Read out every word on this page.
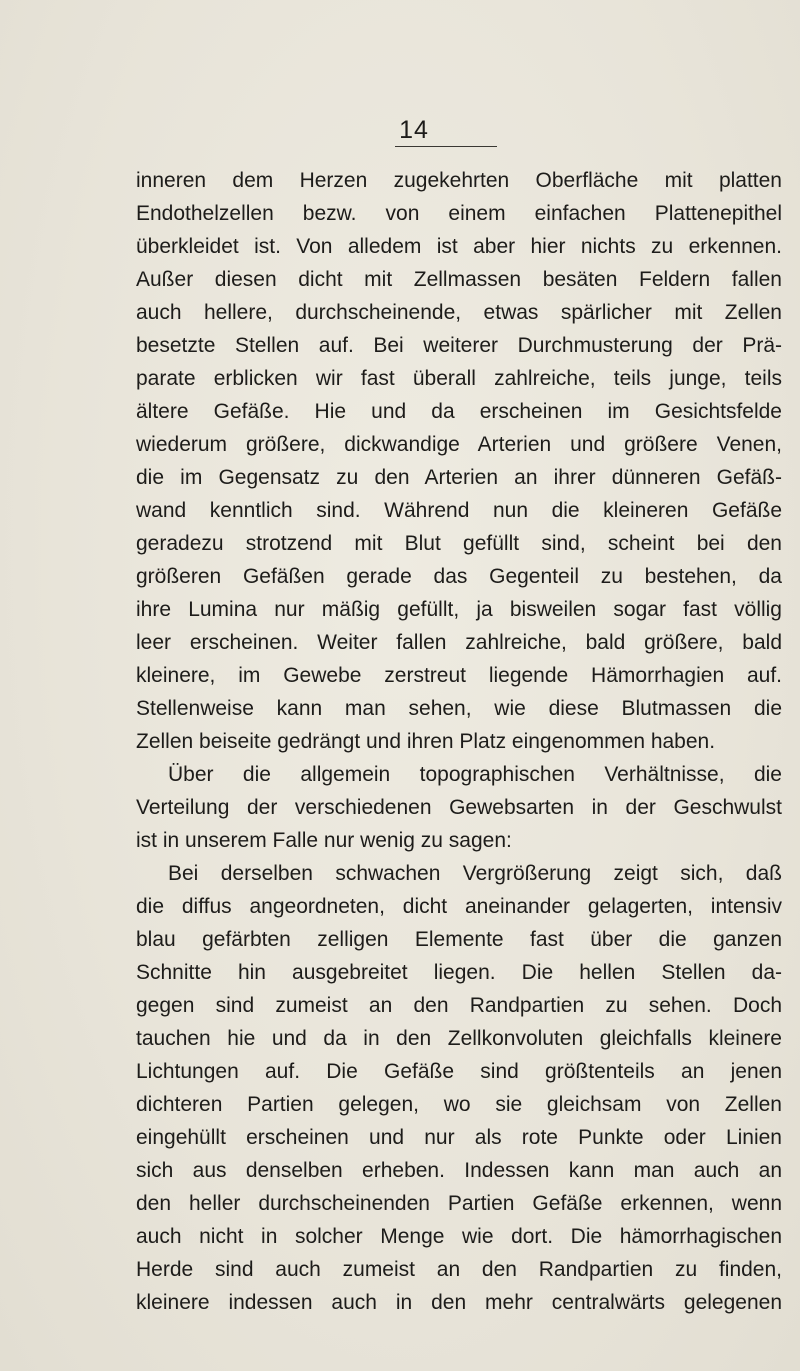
14
inneren dem Herzen zugekehrten Oberfläche mit platten
Endothelzellen bezw. von einem einfachen Plattenepithel
überkleidet ist. Von alledem ist aber hier nichts zu erkennen.
Außer diesen dicht mit Zellmassen besäten Feldern fallen
auch hellere, durchscheinende, etwas spärlicher mit Zellen
besetzte Stellen auf. Bei weiterer Durchmusterung der Prä-
parate erblicken wir fast überall zahlreiche, teils junge, teils
ältere Gefäße. Hie und da erscheinen im Gesichtsfelde
wiederum größere, dickwandige Arterien und größere Venen,
die im Gegensatz zu den Arterien an ihrer dünneren Gefäß-
wand kenntlich sind. Während nun die kleineren Gefäße
geradezu strotzend mit Blut gefüllt sind, scheint bei den
größeren Gefäßen gerade das Gegenteil zu bestehen, da
ihre Lumina nur mäßig gefüllt, ja bisweilen sogar fast völlig
leer erscheinen. Weiter fallen zahlreiche, bald größere, bald
kleinere, im Gewebe zerstreut liegende Hämorrhagien auf.
Stellenweise kann man sehen, wie diese Blutmassen die
Zellen beiseite gedrängt und ihren Platz eingenommen haben.
Über die allgemein topographischen Verhältnisse, die
Verteilung der verschiedenen Gewebsarten in der Geschwulst
ist in unserem Falle nur wenig zu sagen:
Bei derselben schwachen Vergrößerung zeigt sich, daß
die diffus angeordneten, dicht aneinander gelagerten, intensiv
blau gefärbten zelligen Elemente fast über die ganzen
Schnitte hin ausgebreitet liegen. Die hellen Stellen da-
gegen sind zumeist an den Randpartien zu sehen. Doch
tauchen hie und da in den Zellkonvoluten gleichfalls kleinere
Lichtungen auf. Die Gefäße sind größtenteils an jenen
dichteren Partien gelegen, wo sie gleichsam von Zellen
eingehüllt erscheinen und nur als rote Punkte oder Linien
sich aus denselben erheben. Indessen kann man auch an
den heller durchscheinenden Partien Gefäße erkennen, wenn
auch nicht in solcher Menge wie dort. Die hämorrhagischen
Herde sind auch zumeist an den Randpartien zu finden,
kleinere indessen auch in den mehr centralwärts gelegenen
